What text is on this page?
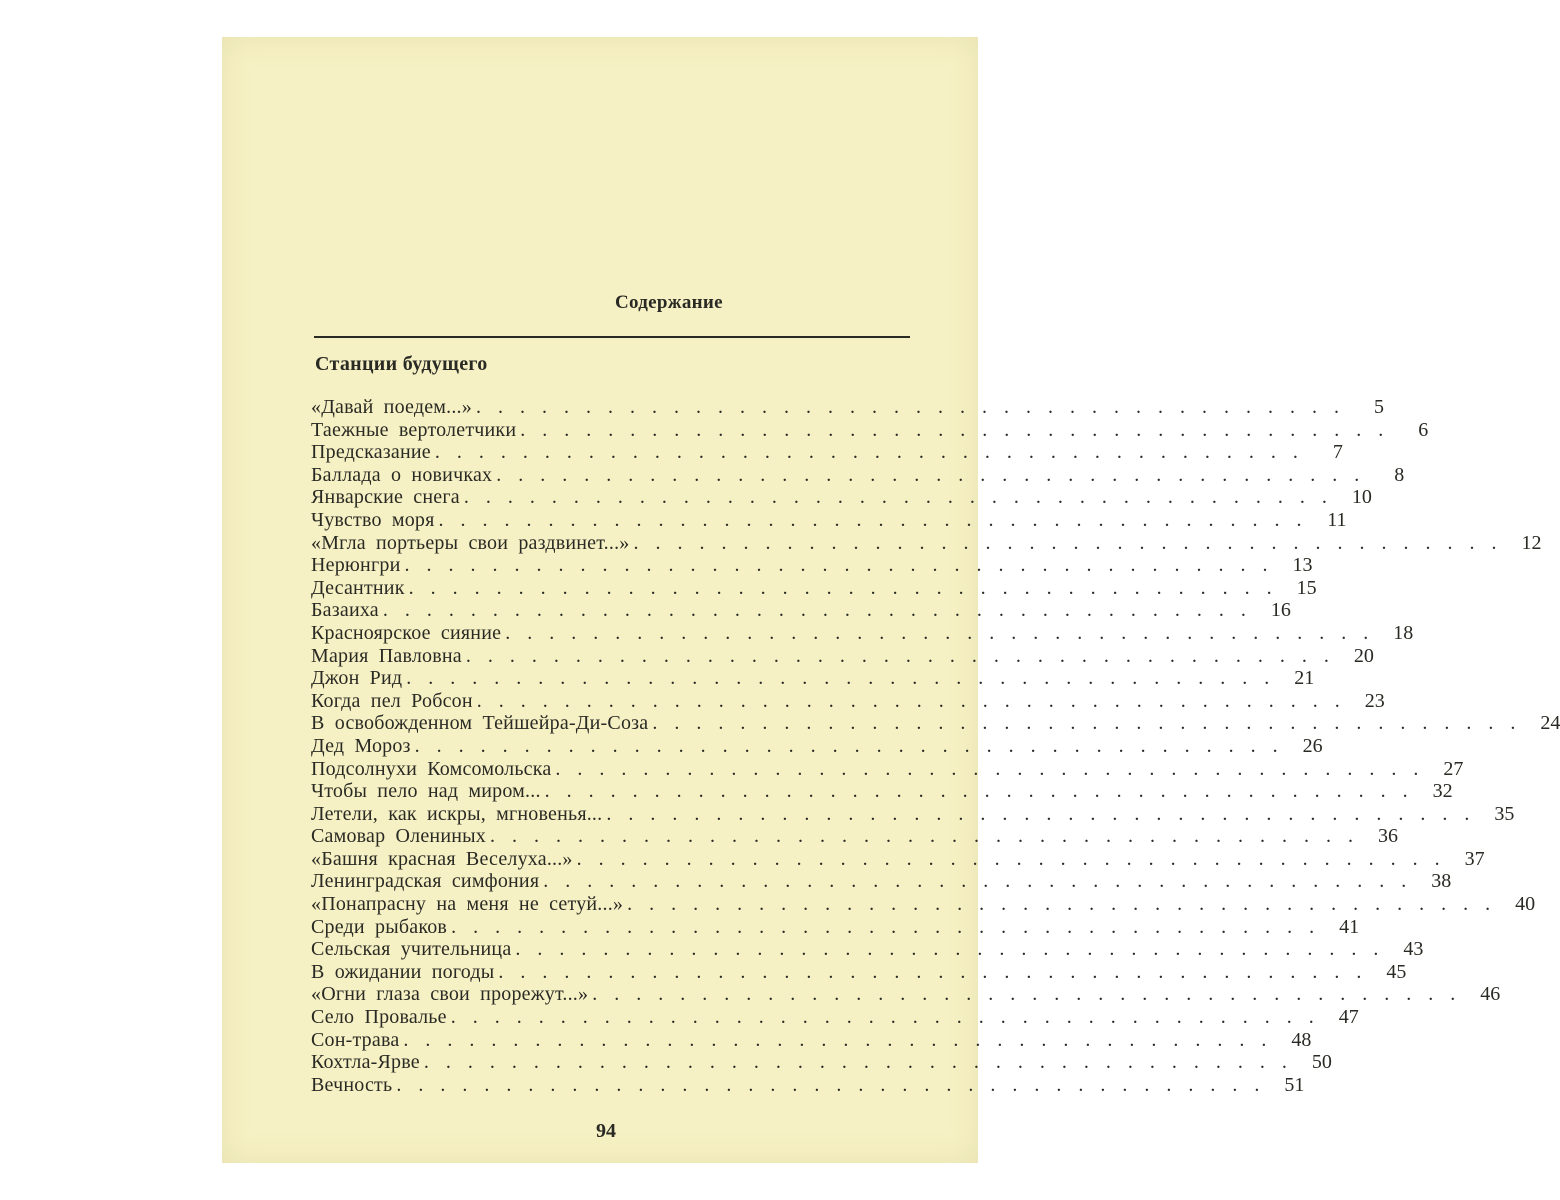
Содержание
Станции будущего
«Давай поедем...» ........................................ 5
Таежные вертолетчики ........................................ 6
Предсказание ........................................ 7
Баллада о новичках ........................................ 8
Январские снега ........................................ 10
Чувство моря ........................................ 11
«Мгла портьеры свои раздвинет...» ........................................ 12
Нерюнгри ........................................ 13
Десантник ........................................ 15
Базаиха ........................................ 16
Красноярское сияние ........................................ 18
Мария Павловна ........................................ 20
Джон Рид ........................................ 21
Когда пел Робсон ........................................ 23
В освобожденном Тейшейра-Ди-Соза ........................................ 24
Дед Мороз ........................................ 26
Подсолнухи Комсомольска ........................................ 27
Чтобы пело над миром... ........................................ 32
Летели, как искры, мгновенья... ........................................ 35
Самовар Олениных ........................................ 36
«Башня красная Веселуха...» ........................................ 37
Ленинградская симфония ........................................ 38
«Понапрасну на меня не сетуй...» ........................................ 40
Среди рыбаков ........................................ 41
Сельская учительница ........................................ 43
В ожидании погоды ........................................ 45
«Огни глаза свои прорежут...» ........................................ 46
Село Провалье ........................................ 47
Сон-трава ........................................ 48
Кохтла-Ярве ........................................ 50
Вечность ........................................ 51
94
